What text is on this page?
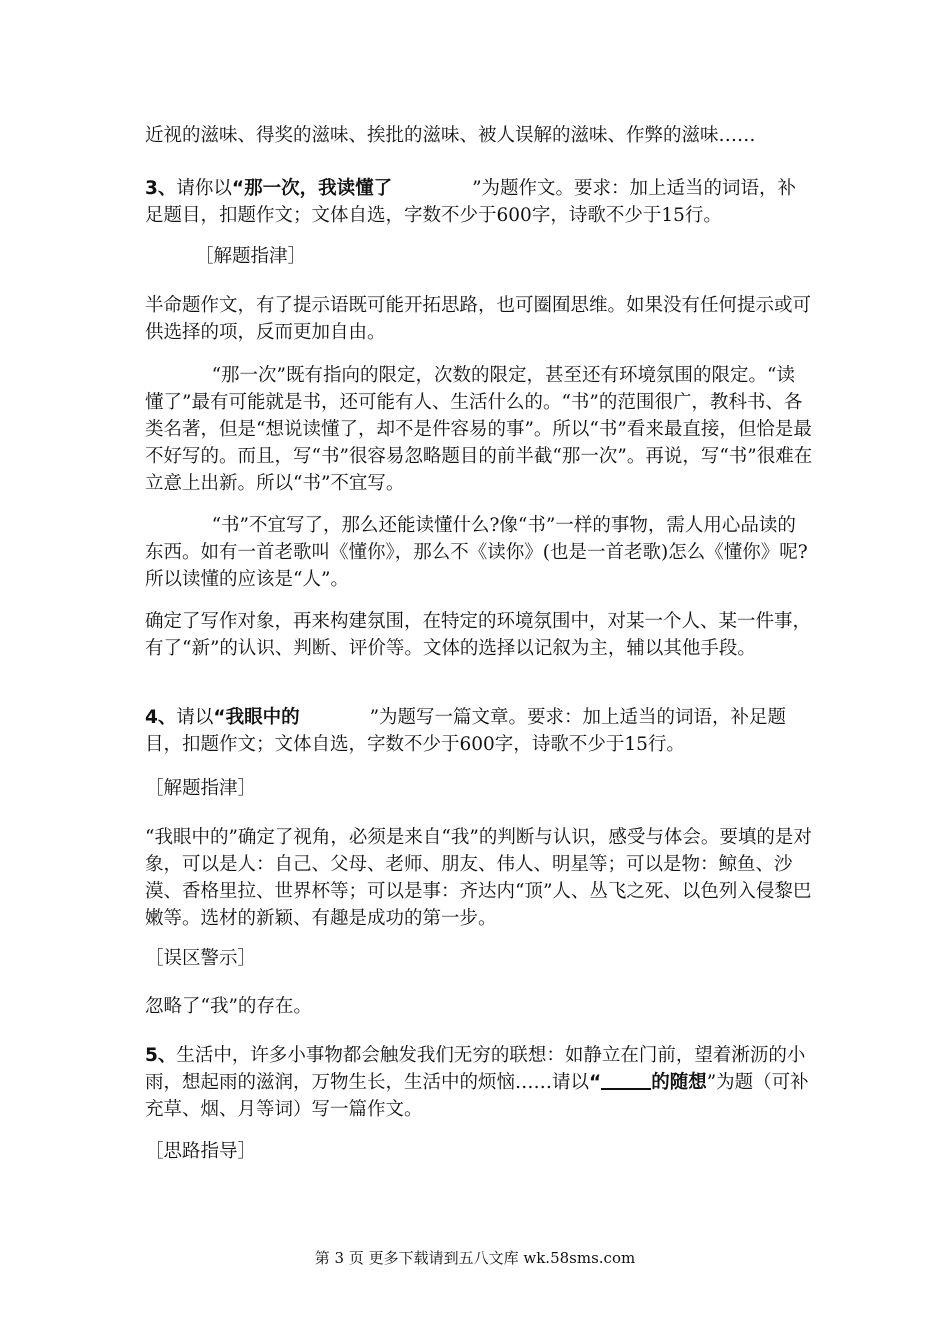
近视的滋味、得奖的滋味、挨批的滋味、被人误解的滋味、作弊的滋味……

3、请你以“那一次，我读懂了	”为题作文。要求：加上适当的词语，补足题目，扣题作文；文体自选，字数不少于600字，诗歌不少于15行。

［解题指津］

半命题作文，有了提示语既可能开拓思路，也可圈囿思维。如果没有任何提示或可供选择的项，反而更加自由。

“那一次”既有指向的限定，次数的限定，甚至还有环境氛围的限定。“读懂了”最有可能就是书，还可能有人、生活什么的。“书”的范围很广，教科书、各类名著，但是“想说读懂了，却不是件容易的事”。所以“书”看来最直接，但恰是最不好写的。而且，写“书”很容易忽略题目的前半截“那一次”。再说，写“书”很难在立意上出新。所以“书”不宜写。

“书”不宜写了，那么还能读懂什么?像“书”一样的事物，需人用心品读的东西。如有一首老歌叫《懂你》，那么不《读你》(也是一首老歌)怎么《懂你》呢?所以读懂的应该是“人”。

确定了写作对象，再来构建氛围，在特定的环境氛围中，对某一个人、某一件事，有了“新”的认识、判断、评价等。文体的选择以记叙为主，辅以其他手段。

4、请以“我眼中的	”为题写一篇文章。要求：加上适当的词语，补足题目，扣题作文；文体自选，字数不少于600字，诗歌不少于15行。

［解题指津］

“我眼中的”确定了视角，必须是来自“我”的判断与认识，感受与体会。要填的是对象，可以是人：自己、父母、老师、朋友、伟人、明星等；可以是物：鲸鱼、沙漠、香格里拉、世界杯等；可以是事：齐达内“顶”人、丛飞之死、以色列入侵黎巴嫩等。选材的新颖、有趣是成功的第一步。

［误区警示］

忽略了“我”的存在。

5、生活中，许多小事物都会触发我们无穷的联想：如静立在门前，望着淅沥的小雨，想起雨的滋润，万物生长，生活中的烦恼……请以“	的随想”为题（可补充草、烟、月等词）写一篇作文。

［思路指导］

第 3 页 更多下载请到五八文库 wk.58sms.com
